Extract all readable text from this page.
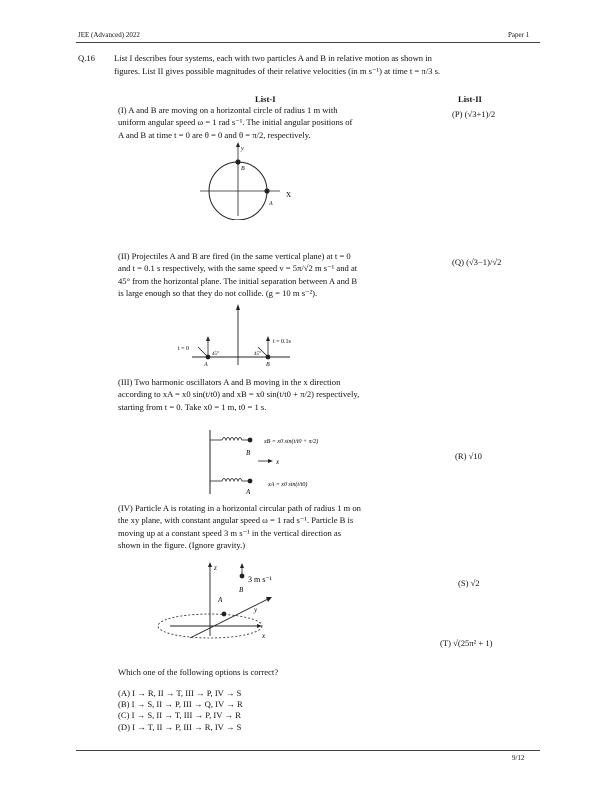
JEE (Advanced) 2022	Paper 1
Q.16 List I describes four systems, each with two particles A and B in relative motion as shown in
figures. List II gives possible magnitudes of their relative velocities (in m s⁻¹) at time t = π/3 s.
List-I	List-II
(I) A and B are moving on a horizontal circle of radius 1 m with
uniform angular speed ω = 1 rad s⁻¹. The initial angular positions of
A and B at time t = 0 are θ = 0 and θ = π/2, respectively.
y
B
A
X
(II) Projectiles A and B are fired (in the same vertical plane) at t = 0
and t = 0.1 s respectively, with the same speed v = 5π/√2 m s⁻¹ and at
45° from the horizontal plane. The initial separation between A and B
is large enough so that they do not collide. (g = 10 m s⁻²).
t = 0
45°
A
t = 0.1s
45°
B
(III) Two harmonic oscillators A and B moving in the x direction
according to xA = x0 sin(t/t0) and xB = x0 sin(t/t0 + π/2) respectively,
starting from t = 0. Take x0 = 1 m, t0 = 1 s.
B
xB = x0 sin(t/t0 + π/2)
x
A
xA = x0 sin(t/t0)
(IV) Particle A is rotating in a horizontal circular path of radius 1 m on
the xy plane, with constant angular speed ω = 1 rad s⁻¹. Particle B is
moving up at a constant speed 3 m s⁻¹ in the vertical direction as
shown in the figure. (Ignore gravity.)
A
B
3 m s⁻¹
z
y
x
(P) (√3+1)/2
(Q) (√3−1)/√2
(R) √10
(S) √2
(T) √(25π² + 1)
Which one of the following options is correct?
(A) I → R, II → T, III → P, IV → S
(B) I → S, II → P, III → Q, IV → R
(C) I → S, II → T, III → P, IV → R
(D) I → T, II → P, III → R, IV → S
9/12
